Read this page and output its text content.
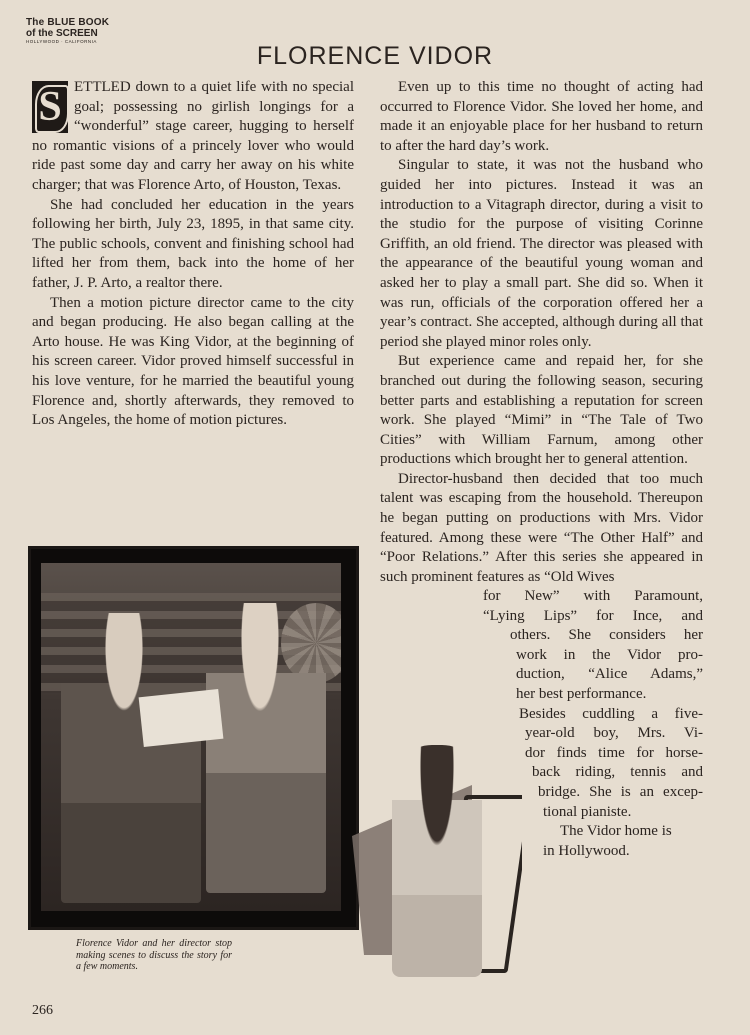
The BLUE BOOK
of the SCREEN
HOLLYWOOD · CALIFORNIA
FLORENCE VIDOR

S ETTLED down to a quiet life with no special goal; possessing no girlish longings for a “wonderful” stage career, hugging to herself no romantic visions of a princely lover who would ride past some day and carry her away on his white charger; that was Florence Arto, of Houston, Texas.

She had concluded her education in the years following her birth, July 23, 1895, in that same city. The public schools, convent and finishing school had lifted her from them, back into the home of her father, J. P. Arto, a realtor there.

Then a motion picture director came to the city and began producing. He also began calling at the Arto house. He was King Vidor, at the beginning of his screen career. Vidor proved himself successful in his love venture, for he married the beautiful young Florence and, shortly afterwards, they removed to Los Angeles, the home of motion pictures.

Even up to this time no thought of acting had occurred to Florence Vidor. She loved her home, and made it an enjoyable place for her husband to return to after the hard day’s work.

Singular to state, it was not the husband who guided her into pictures. Instead it was an introduction to a Vitagraph director, during a visit to the studio for the purpose of visiting Corinne Griffith, an old friend. The director was pleased with the appearance of the beautiful young woman and asked her to play a small part. She did so. When it was run, officials of the corporation offered her a year’s contract. She accepted, although during all that period she played minor roles only.

But experience came and repaid her, for she branched out during the following season, securing better parts and establishing a reputation for screen work. She played “Mimi” in “The Tale of Two Cities” with William Farnum, among other productions which brought her to general attention.

Director-husband then decided that too much talent was escaping from the household. Thereupon he began putting on productions with Mrs. Vidor featured. Among these were “The Other Half” and “Poor Relations.” After this series she appeared in such prominent features as “Old Wives

Florence Vidor and her director stop making scenes to discuss the story for a few moments.
for New” with Paramount,
“Lying Lips” for Ince, and
others. She considers her
work in the Vidor pro-
duction, “Alice Adams,”
her best performance.
Besides cuddling a five-
year-old boy, Mrs. Vi-
dor finds time for horse-
back riding, tennis and
bridge. She is an excep-
tional pianiste.
The Vidor home is
in Hollywood.
266
